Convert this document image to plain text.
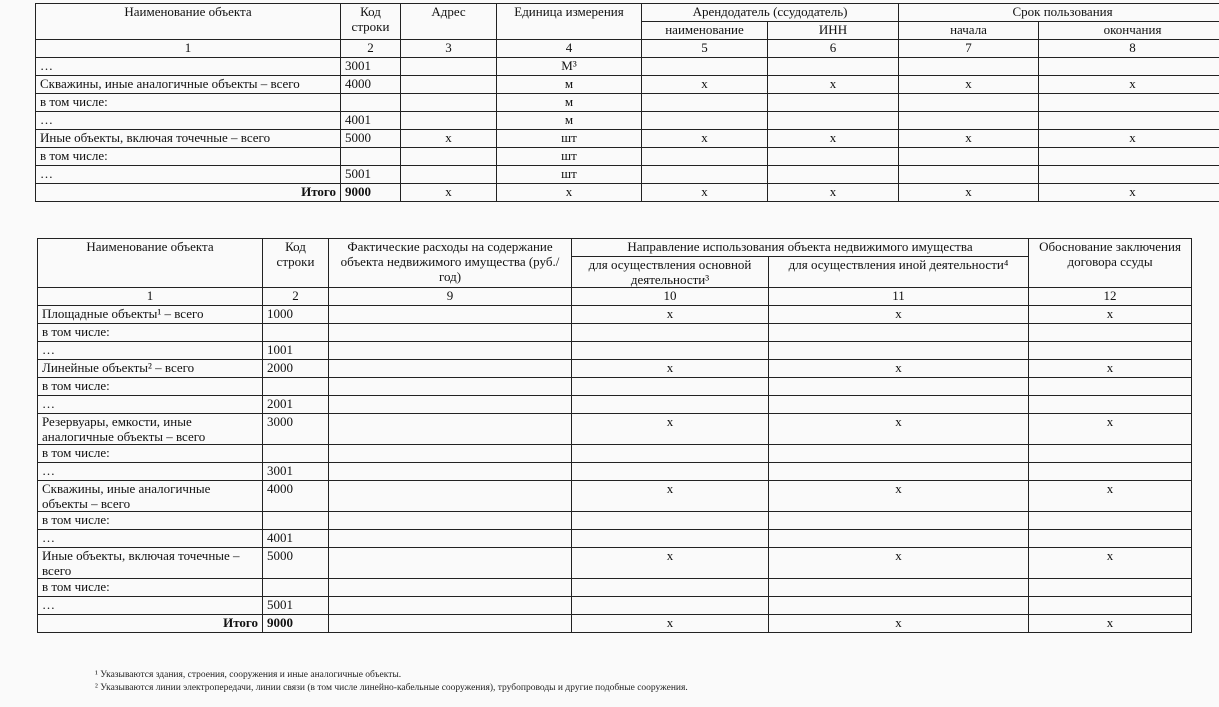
Наименование объекта	Код строки	Адрес	Единица измерения	Арендодатель (ссудодатель)		Срок пользования	
				наименование	ИНН	начала	окончания
1	2	3	4	5	6	7	8
…	3001		М³				
Скважины, иные аналогичные объекты – всего	4000		м	х	х	х	х
в том числе:			м				
…	4001		м				
Иные объекты, включая точечные – всего	5000	х	шт	х	х	х	х
в том числе:			шт				
…	5001		шт				
Итого	9000	х	х	х	х	х	х
Наименование объекта	Код строки	Фактические расходы на содержание объекта недвижимого имущества (руб./год)	Направление использования объекта недвижимого имущества		Обоснование заключения договора ссуды
			для осуществления основной деятельности³	для осуществления иной деятельности⁴	
1	2	9	10	11	12
Площадные объекты¹ – всего	1000		х	х	х
в том числе:					
…	1001				
Линейные объекты² – всего	2000		х	х	х
в том числе:					
…	2001				
Резервуары, емкости, иные аналогичные объекты – всего	3000		х	х	х
в том числе:					
…	3001				
Скважины, иные аналогичные объекты – всего	4000		х	х	х
в том числе:					
…	4001				
Иные объекты, включая точечные – всего	5000		х	х	х
в том числе:					
…	5001				
Итого	9000		х	х	х
¹ Указываются здания, строения, сооружения и иные аналогичные объекты.
² Указываются линии электропередачи, линии связи (в том числе линейно-кабельные сооружения), трубопроводы и другие подобные сооружения.
